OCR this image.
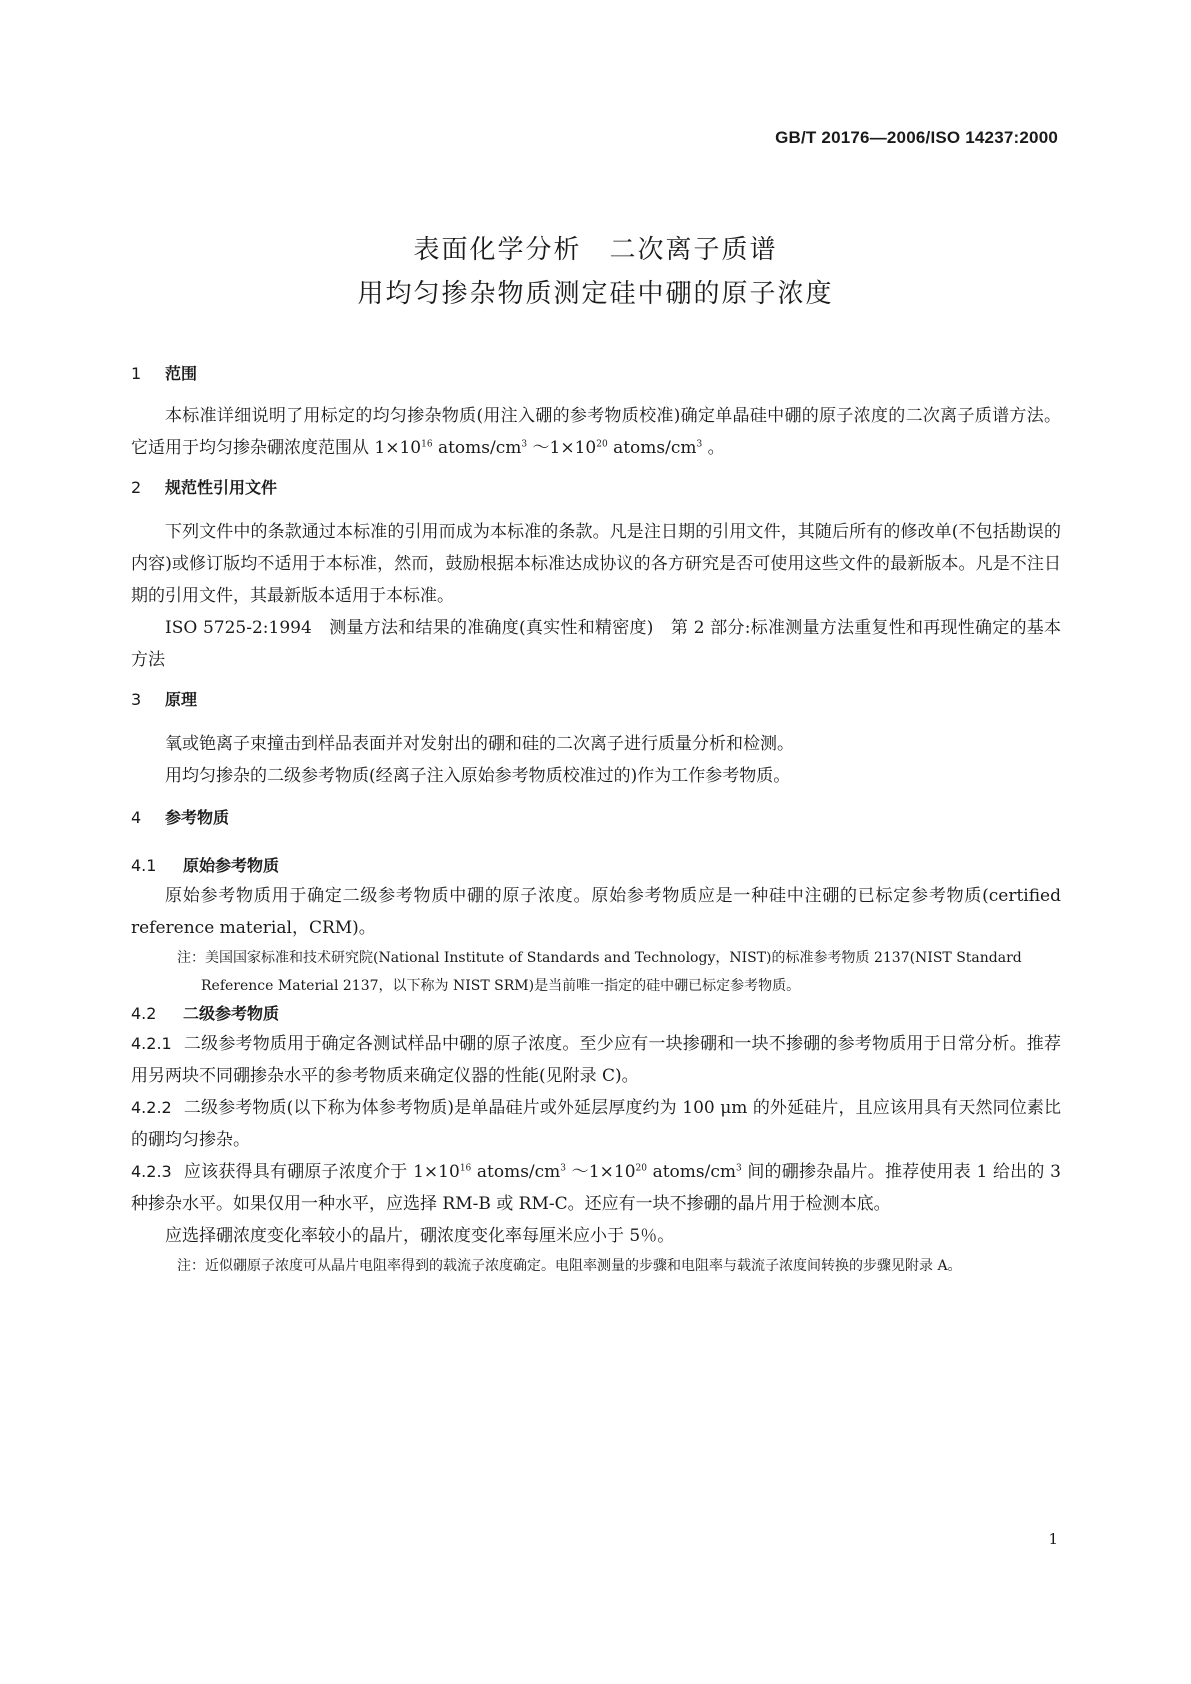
GB/T 20176—2006/ISO 14237:2000
表面化学分析　二次离子质谱
用均匀掺杂物质测定硅中硼的原子浓度
1 范围

本标准详细说明了用标定的均匀掺杂物质(用注入硼的参考物质校准)确定单晶硅中硼的原子浓度的二次离子质谱方法。它适用于均匀掺杂硼浓度范围从 $1\times 10^{16}$ atoms/$cm^3$ $\sim 1\times 10^{20}$ atoms/$cm^3$ 。

2 规范性引用文件

下列文件中的条款通过本标准的引用而成为本标准的条款。凡是注日期的引用文件，其随后所有的修改单(不包括勘误的内容)或修订版均不适用于本标准，然而，鼓励根据本标准达成协议的各方研究是否可使用这些文件的最新版本。凡是不注日期的引用文件，其最新版本适用于本标准。

ISO 5725-2:1994　测量方法和结果的准确度(真实性和精密度)　第 2 部分:标准测量方法重复性和再现性确定的基本方法

3 原理

氧或铯离子束撞击到样品表面并对发射出的硼和硅的二次离子进行质量分析和检测。

用均匀掺杂的二级参考物质(经离子注入原始参考物质校准过的)作为工作参考物质。

4 参考物质
4.1 原始参考物质

原始参考物质用于确定二级参考物质中硼的原子浓度。原始参考物质应是一种硅中注硼的已标定参考物质(certified reference material，CRM)。

注：美国国家标准和技术研究院(National Institute of Standards and Technology，NIST)的标准参考物质 2137(NIST Standard Reference Material 2137，以下称为 NIST SRM)是当前唯一指定的硅中硼已标定参考物质。
4.2 二级参考物质

4.2.1 二级参考物质用于确定各测试样品中硼的原子浓度。至少应有一块掺硼和一块不掺硼的参考物质用于日常分析。推荐用另两块不同硼掺杂水平的参考物质来确定仪器的性能(见附录 C)。

4.2.2 二级参考物质(以下称为体参考物质)是单晶硅片或外延层厚度约为 100 μm 的外延硅片，且应该用具有天然同位素比的硼均匀掺杂。

4.2.3 应该获得具有硼原子浓度介于 $1\times 10^{16}$ atoms/$cm^3$ $\sim 1\times 10^{20}$ atoms/$cm^3$ 间的硼掺杂晶片。推荐使用表 1 给出的 3 种掺杂水平。如果仅用一种水平，应选择 RM-B 或 RM-C。还应有一块不掺硼的晶片用于检测本底。

应选择硼浓度变化率较小的晶片，硼浓度变化率每厘米应小于 5％。

注：近似硼原子浓度可从晶片电阻率得到的载流子浓度确定。电阻率测量的步骤和电阻率与载流子浓度间转换的步骤见附录 A。
1
